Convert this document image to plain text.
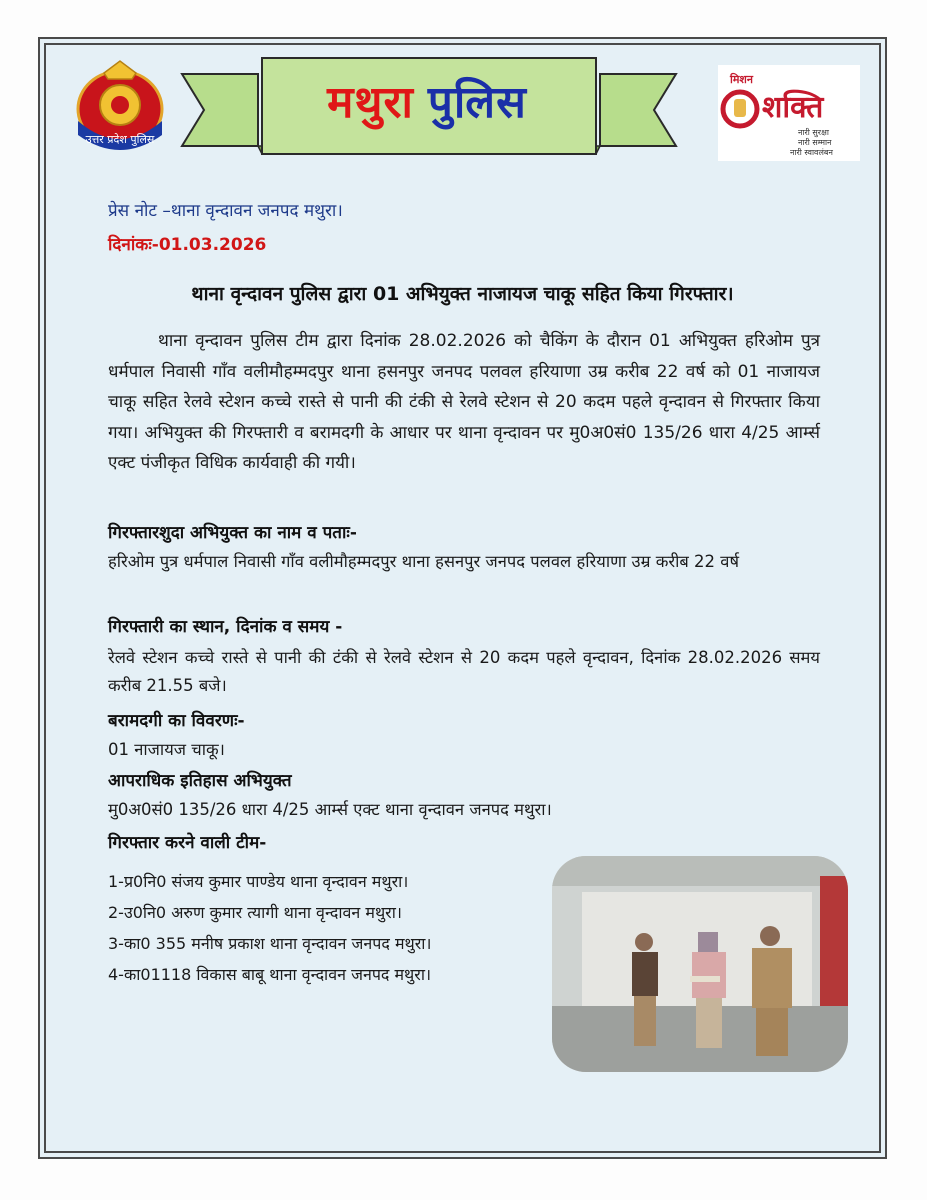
उत्तर प्रदेश पुलिस
मथुरा पुलिस	मिशन
शक्ति
नारी सुरक्षा
नारी सम्मान
नारी स्वावलंबन
प्रेस नोट –थाना वृन्दावन जनपद मथुरा।
दिनांकः-01.03.2026
थाना वृन्दावन पुलिस द्वारा 01 अभियुक्त नाजायज चाकू सहित किया गिरफ्तार।
थाना वृन्दावन पुलिस टीम द्वारा दिनांक 28.02.2026 को चैकिंग के दौरान 01 अभियुक्त हरिओम पुत्र धर्मपाल निवासी गाँव वलीमौहम्मदपुर थाना हसनपुर जनपद पलवल हरियाणा उम्र करीब 22 वर्ष को 01 नाजायज चाकू सहित रेलवे स्टेशन कच्चे रास्ते से पानी की टंकी से रेलवे स्टेशन से 20 कदम पहले वृन्दावन से गिरफ्तार किया गया। अभियुक्त की गिरफ्तारी व बरामदगी के आधार पर थाना वृन्दावन पर मु0अ0सं0 135/26 धारा 4/25 आर्म्स एक्ट पंजीकृत विधिक कार्यवाही की गयी।
गिरफ्तारशुदा अभियुक्त का नाम व पताः-
हरिओम पुत्र धर्मपाल निवासी गाँव वलीमौहम्मदपुर थाना हसनपुर जनपद पलवल हरियाणा उम्र करीब 22 वर्ष
गिरफ्तारी का स्थान, दिनांक व समय -
रेलवे स्टेशन कच्चे रास्ते से पानी की टंकी से रेलवे स्टेशन से 20 कदम पहले वृन्दावन, दिनांक 28.02.2026 समय करीब 21.55 बजे।
बरामदगी का विवरणः-
01 नाजायज चाकू।
आपराधिक इतिहास अभियुक्त
मु0अ0सं0 135/26 धारा 4/25 आर्म्स एक्ट थाना वृन्दावन जनपद मथुरा।
गिरफ्तार करने वाली टीम-
1-प्र0नि0 संजय कुमार पाण्डेय थाना वृन्दावन मथुरा।
2-उ0नि0 अरुण कुमार त्यागी थाना वृन्दावन मथुरा।
3-का0 355 मनीष प्रकाश थाना वृन्दावन जनपद मथुरा।
4-का01118 विकास बाबू थाना वृन्दावन जनपद मथुरा।
